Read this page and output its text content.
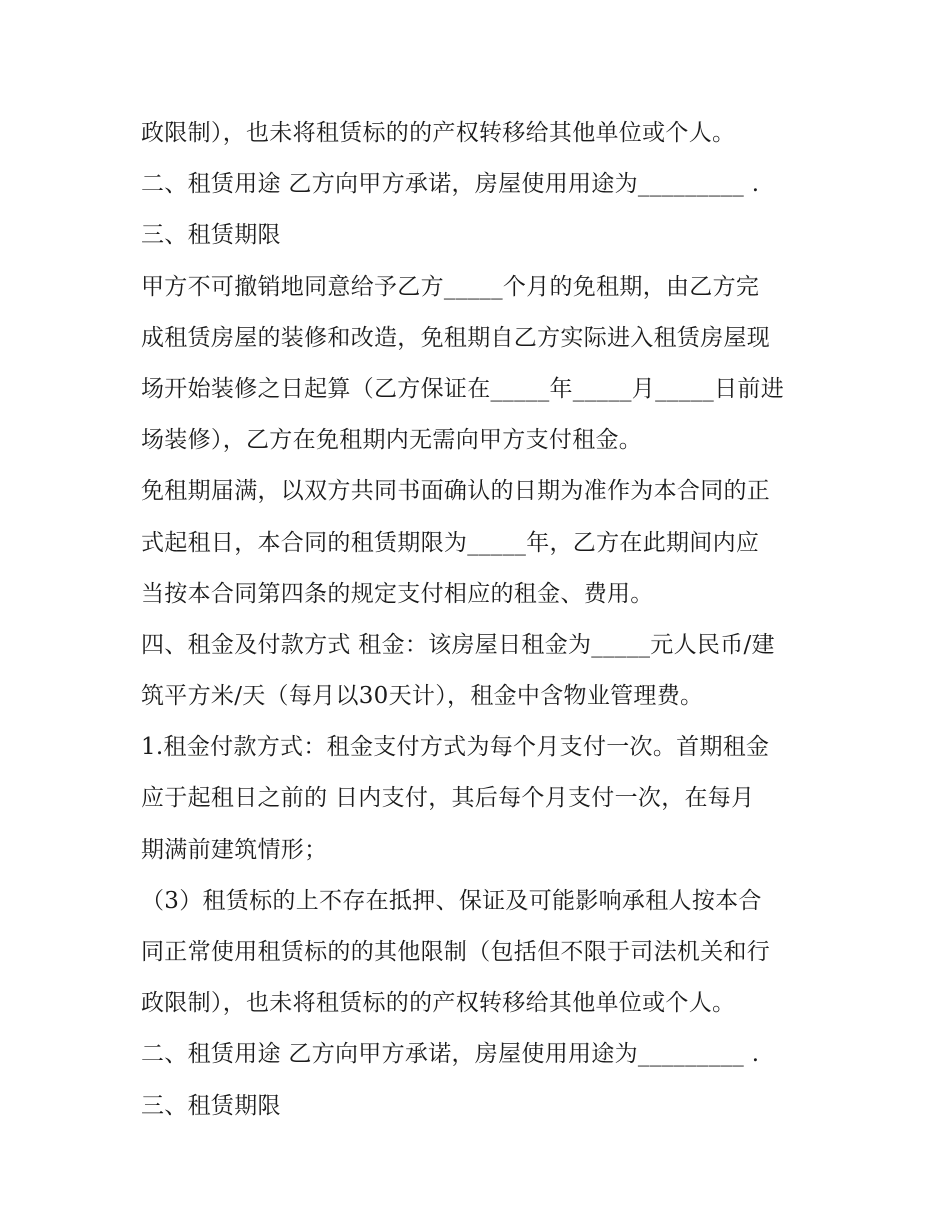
政限制），也未将租赁标的的产权转移给其他单位或个人。
二、租赁用途 乙方向甲方承诺，房屋使用用途为_________ .
三、租赁期限
甲方不可撤销地同意给予乙方_____个月的免租期，由乙方完
成租赁房屋的装修和改造，免租期自乙方实际进入租赁房屋现
场开始装修之日起算（乙方保证在_____年_____月_____日前进
场装修），乙方在免租期内无需向甲方支付租金。
免租期届满，以双方共同书面确认的日期为准作为本合同的正
式起租日，本合同的租赁期限为_____年，乙方在此期间内应
当按本合同第四条的规定支付相应的租金、费用。
四、租金及付款方式 租金：该房屋日租金为_____元人民币/建
筑平方米/天（每月以30天计），租金中含物业管理费。
1.租金付款方式：租金支付方式为每个月支付一次。首期租金
应于起租日之前的 日内支付，其后每个月支付一次，在每月
期满前建筑情形；
（3）租赁标的上不存在抵押、保证及可能影响承租人按本合
同正常使用租赁标的的其他限制（包括但不限于司法机关和行
政限制），也未将租赁标的的产权转移给其他单位或个人。
二、租赁用途 乙方向甲方承诺，房屋使用用途为_________ .
三、租赁期限
